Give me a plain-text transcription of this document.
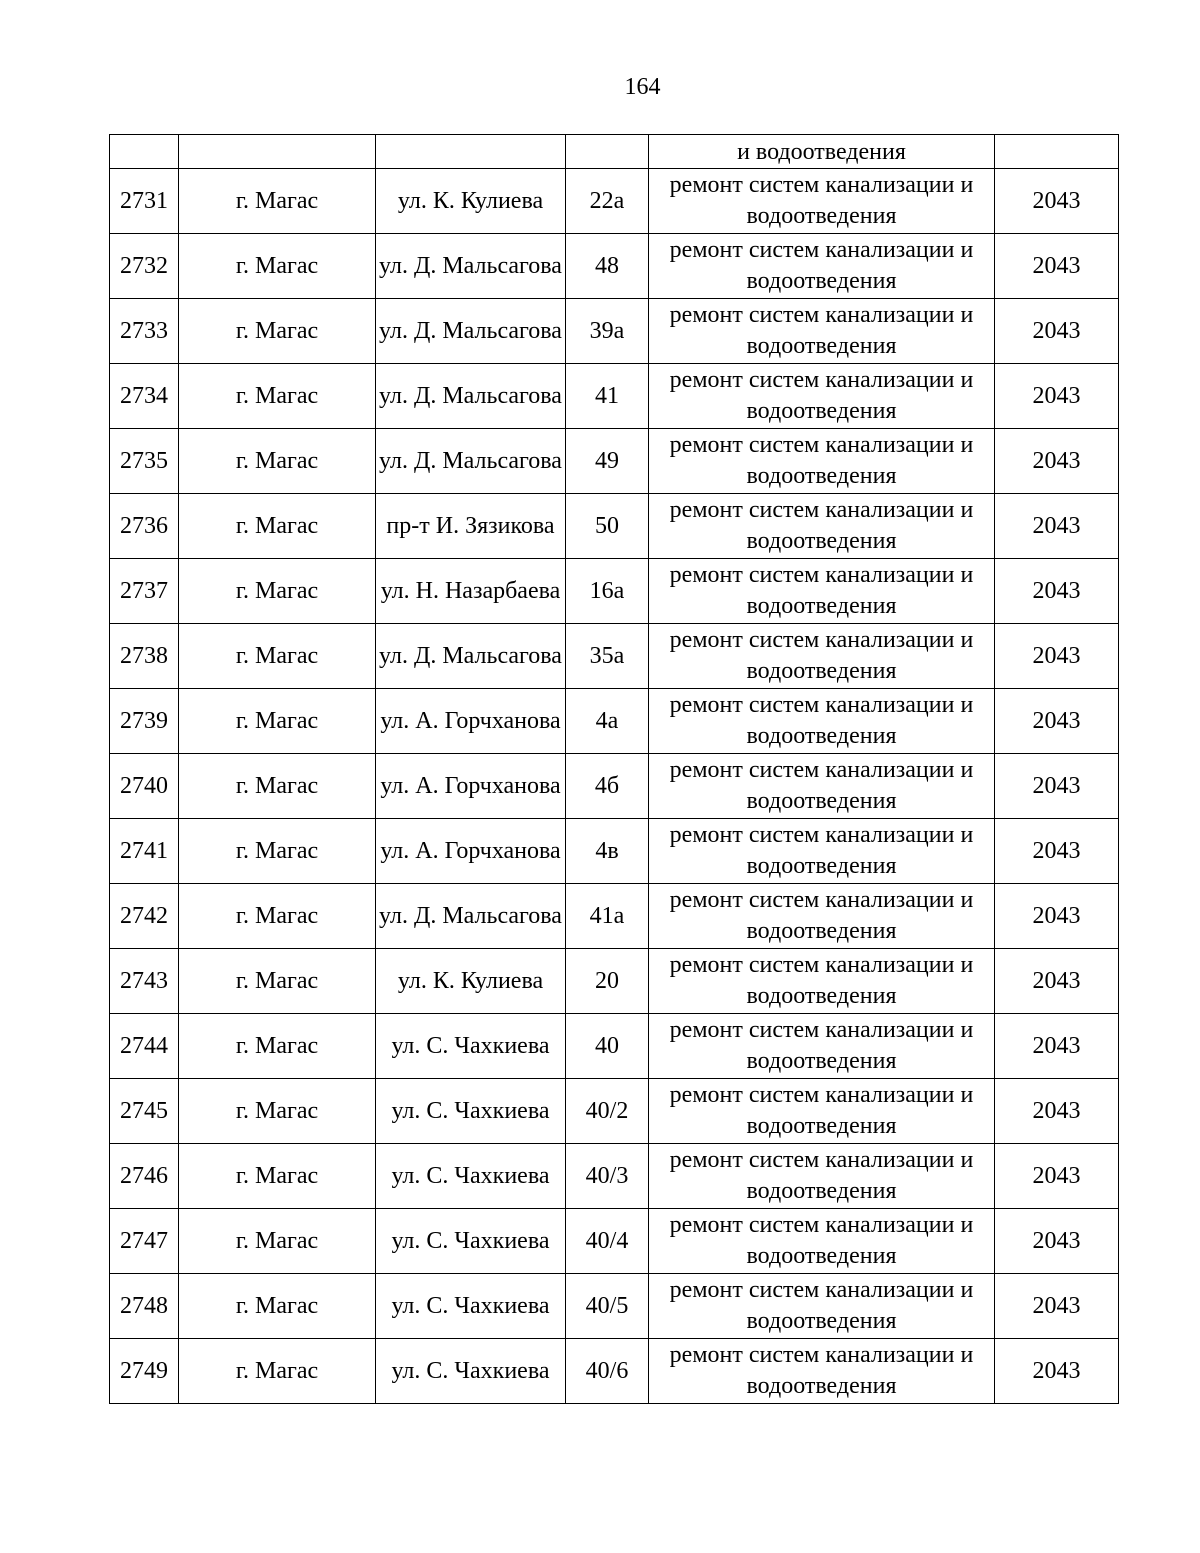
164
				и водоотведения	
2731	г. Магас	ул. К. Кулиева	22а	ремонт систем канализации и водоотведения	2043
2732	г. Магас	ул. Д. Мальсагова	48	ремонт систем канализации и водоотведения	2043
2733	г. Магас	ул. Д. Мальсагова	39а	ремонт систем канализации и водоотведения	2043
2734	г. Магас	ул. Д. Мальсагова	41	ремонт систем канализации и водоотведения	2043
2735	г. Магас	ул. Д. Мальсагова	49	ремонт систем канализации и водоотведения	2043
2736	г. Магас	пр-т И. Зязикова	50	ремонт систем канализации и водоотведения	2043
2737	г. Магас	ул. Н. Назарбаева	16а	ремонт систем канализации и водоотведения	2043
2738	г. Магас	ул. Д. Мальсагова	35а	ремонт систем канализации и водоотведения	2043
2739	г. Магас	ул. А. Горчханова	4а	ремонт систем канализации и водоотведения	2043
2740	г. Магас	ул. А. Горчханова	4б	ремонт систем канализации и водоотведения	2043
2741	г. Магас	ул. А. Горчханова	4в	ремонт систем канализации и водоотведения	2043
2742	г. Магас	ул. Д. Мальсагова	41а	ремонт систем канализации и водоотведения	2043
2743	г. Магас	ул. К. Кулиева	20	ремонт систем канализации и водоотведения	2043
2744	г. Магас	ул. С. Чахкиева	40	ремонт систем канализации и водоотведения	2043
2745	г. Магас	ул. С. Чахкиева	40/2	ремонт систем канализации и водоотведения	2043
2746	г. Магас	ул. С. Чахкиева	40/3	ремонт систем канализации и водоотведения	2043
2747	г. Магас	ул. С. Чахкиева	40/4	ремонт систем канализации и водоотведения	2043
2748	г. Магас	ул. С. Чахкиева	40/5	ремонт систем канализации и водоотведения	2043
2749	г. Магас	ул. С. Чахкиева	40/6	ремонт систем канализации и водоотведения	2043
